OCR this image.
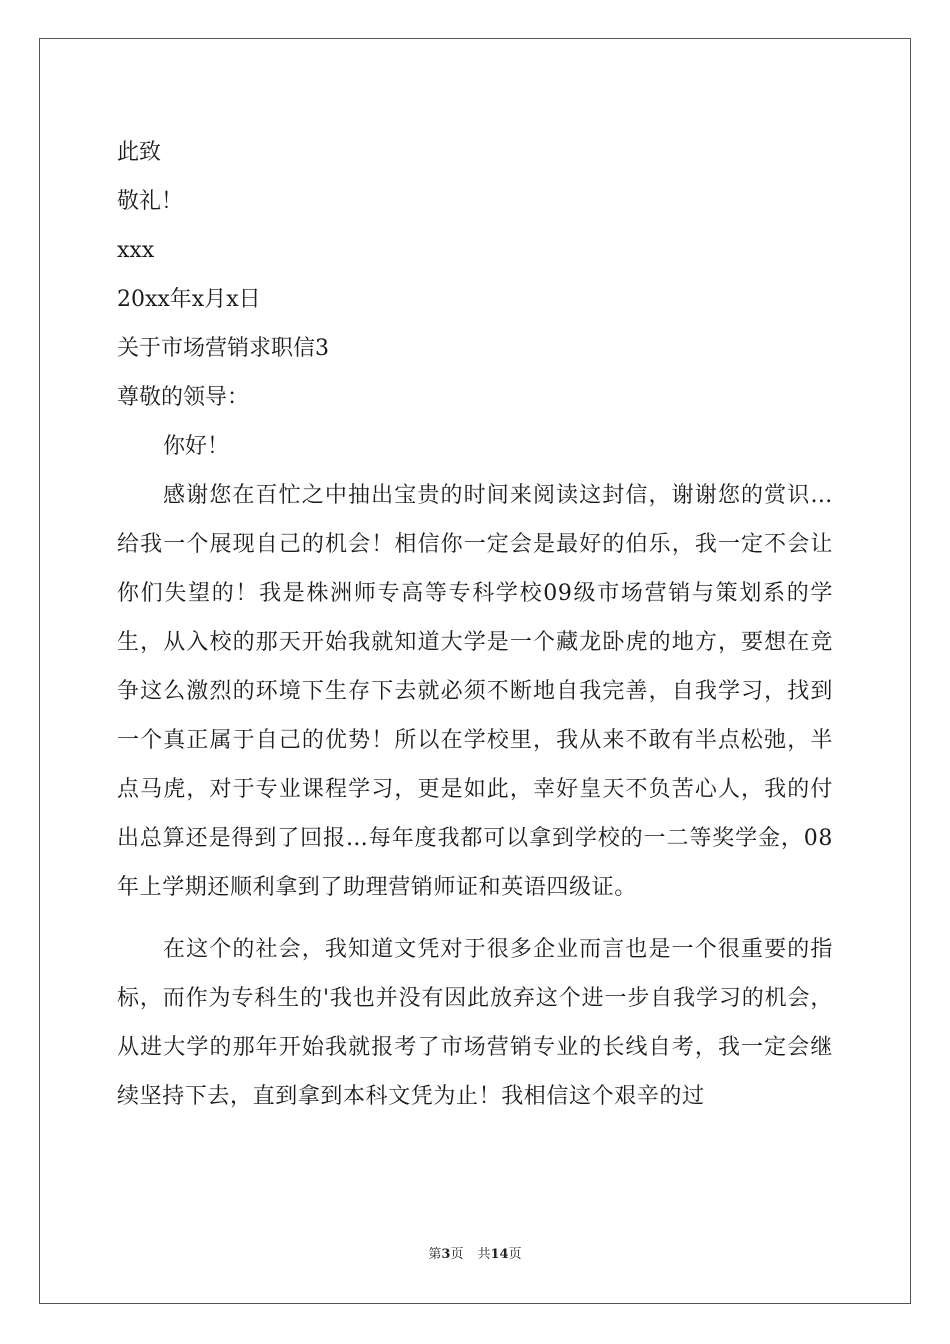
此致
敬礼！
xxx
20xx年x月x日
关于市场营销求职信3
尊敬的领导：
你好！

感谢您在百忙之中抽出宝贵的时间来阅读这封信，谢谢您的赏识…给我一个展现自己的机会！相信你一定会是最好的伯乐，我一定不会让你们失望的！我是株洲师专高等专科学校09级市场营销与策划系的学生，从入校的那天开始我就知道大学是一个藏龙卧虎的地方，要想在竞争这么激烈的环境下生存下去就必须不断地自我完善，自我学习，找到一个真正属于自己的优势！所以在学校里，我从来不敢有半点松弛，半点马虎，对于专业课程学习，更是如此，幸好皇天不负苦心人，我的付出总算还是得到了回报…每年度我都可以拿到学校的一二等奖学金，08年上学期还顺利拿到了助理营销师证和英语四级证。

在这个的社会，我知道文凭对于很多企业而言也是一个很重要的指标，而作为专科生的'我也并没有因此放弃这个进一步自我学习的机会，从进大学的那年开始我就报考了市场营销专业的长线自考，我一定会继续坚持下去，直到拿到本科文凭为止！我相信这个艰辛的过

第3页 共14页
